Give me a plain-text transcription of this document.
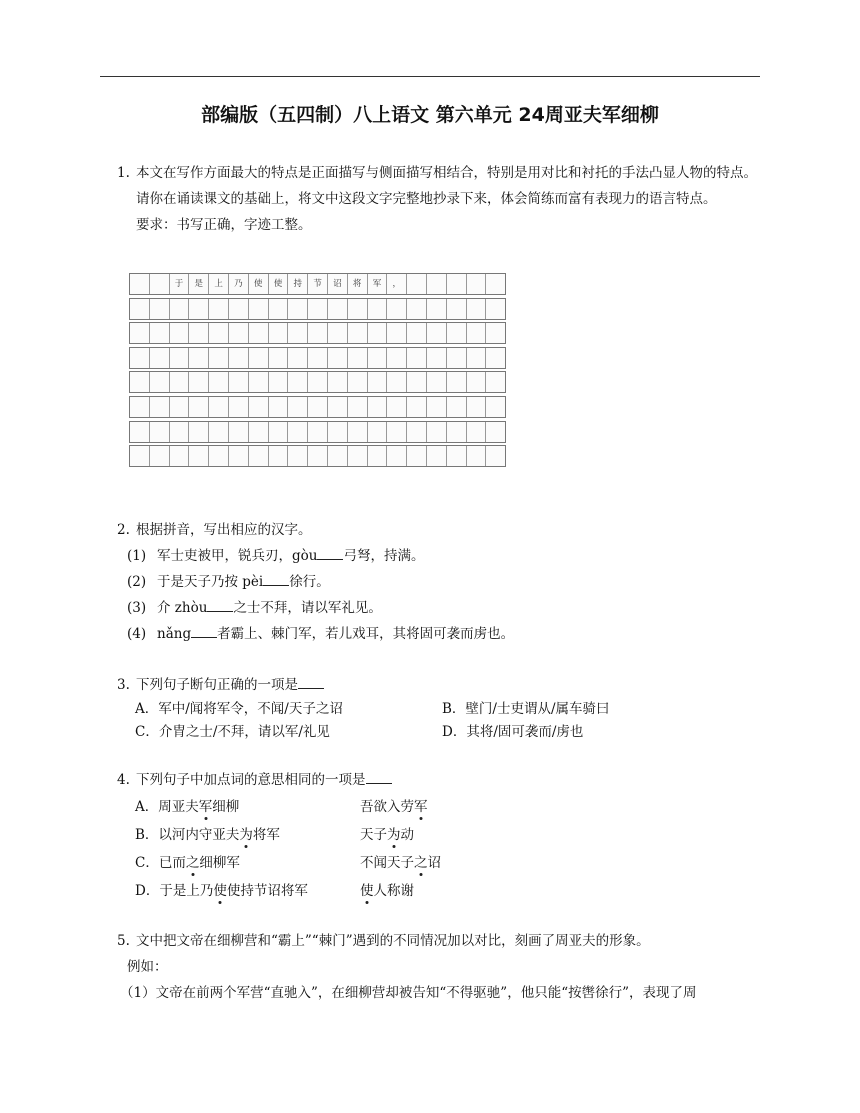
部编版（五四制）八上语文 第六单元 24周亚夫军细柳
1. 本文在写作方面最大的特点是正面描写与侧面描写相结合，特别是用对比和衬托的手法凸显人物的特点。请你在诵读课文的基础上，将文中这段文字完整地抄录下来，体会简练而富有表现力的语言特点。
要求：书写正确，字迹工整。
于	是	上	乃	使	使	持	节	诏	将	军	，
2. 根据拼音，写出相应的汉字。
(1) 军士吏被甲，锐兵刃，gòu 弓弩，持满。
(2) 于是天子乃按 pèi 徐行。
(3) 介 zhòu 之士不拜，请以军礼见。
(4) nǎng 者霸上、棘门军，若儿戏耳，其将固可袭而虏也。
3. 下列句子断句正确的一项是
A．军中/闻将军令，不闻/天子之诏	B．壁门/士吏谓从/属车骑曰
C．介胄之士/不拜，请以军/礼见	D．其将/固可袭而/虏也
4. 下列句子中加点词的意思相同的一项是
A．周亚夫军细柳	吾欲入劳军
B．以河内守亚夫为将军	天子为动
C．已而之细柳军	不闻天子之诏
D．于是上乃使使持节诏将军	使人称谢
5. 文中把文帝在细柳营和“霸上”“棘门”遇到的不同情况加以对比，刻画了周亚夫的形象。
例如：
（1）文帝在前两个军营“直驰入”，在细柳营却被告知“不得驱驰”，他只能“按辔徐行”，表现了周
